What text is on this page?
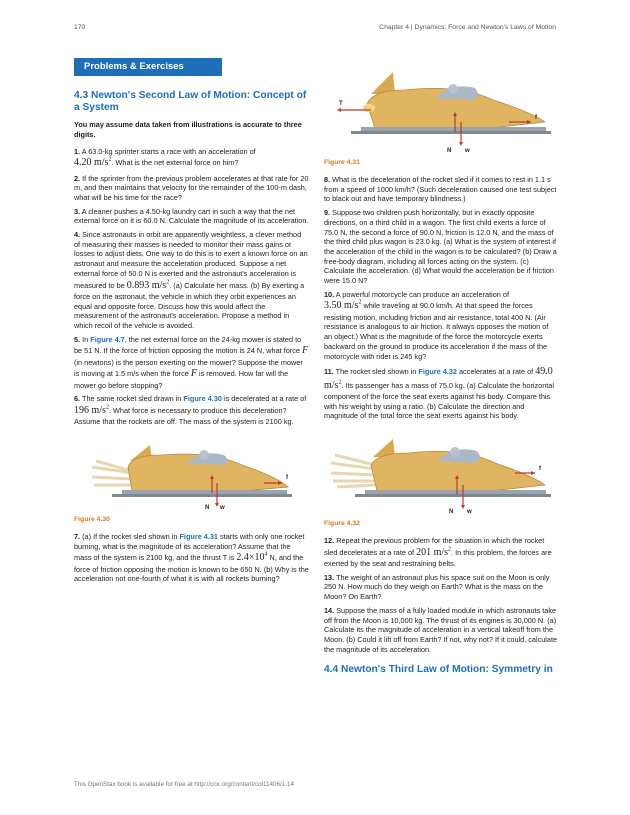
170	Chapter 4 | Dynamics: Force and Newton's Laws of Motion
Problems & Exercises
4.3 Newton's Second Law of Motion: Concept of a System

You may assume data taken from illustrations is accurate to three digits.

1. A 63.0-kg sprinter starts a race with an acceleration of
4.20 $m/s^2$. What is the net external force on him?

2. If the sprinter from the previous problem accelerates at that rate for 20 m, and then maintains that velocity for the remainder of the 100-m dash, what will be his time for the race?

3. A cleaner pushes a 4.50-kg laundry cart in such a way that the net external force on it is 60.0 N. Calculate the magnitude of its acceleration.

4. Since astronauts in orbit are apparently weightless, a clever method of measuring their masses is needed to monitor their mass gains or losses to adjust diets. One way to do this is to exert a known force on an astronaut and measure the acceleration produced. Suppose a net external force of 50.0 N is exerted and the astronaut's acceleration is measured to be 0.893 $m/s^2$. (a) Calculate her mass. (b) By exerting a force on the astronaut, the vehicle in which they orbit experiences an equal and opposite force. Discuss how this would affect the measurement of the astronaut's acceleration. Propose a method in which recoil of the vehicle is avoided.

5. In Figure 4.7, the net external force on the 24-kg mower is stated to be 51 N. If the force of friction opposing the motion is 24 N, what force F (in newtons) is the person exerting on the mower? Suppose the mower is moving at 1.5 m/s when the force F is removed. How far will the mower go before stopping?

6. The same rocket sled drawn in Figure 4.30 is decelerated at a rate of 196 $m/s^2$. What force is necessary to produce this deceleration? Assume that the rockets are off. The mass of the system is 2100 kg.

f
N w

Figure 4.30

7. (a) If the rocket sled shown in Figure 4.31 starts with only one rocket burning, what is the magnitude of its acceleration? Assume that the mass of the system is 2100 kg, and the thrust T is $2.4\times 10^4$ N, and the force of friction opposing the motion is known to be 650 N. (b) Why is the acceleration not one-fourth of what it is with all rockets burning?

T
f
N w

Figure 4.31

8. What is the deceleration of the rocket sled if it comes to rest in 1.1 s from a speed of 1000 km/h? (Such deceleration caused one test subject to black out and have temporary blindness.)

9. Suppose two children push horizontally, but in exactly opposite directions, on a third child in a wagon. The first child exerts a force of 75.0 N, the second a force of 90.0 N, friction is 12.0 N, and the mass of the third child plus wagon is 23.0 kg. (a) What is the system of interest if the acceleration of the child in the wagon is to be calculated? (b) Draw a free-body diagram, including all forces acting on the system. (c) Calculate the acceleration. (d) What would the acceleration be if friction were 15.0 N?

10. A powerful motorcycle can produce an acceleration of
3.50 $m/s^2$ while traveling at 90.0 km/h. At that speed the forces resisting motion, including friction and air resistance, total 400 N. (Air resistance is analogous to air friction. It always opposes the motion of an object.) What is the magnitude of the force the motorcycle exerts backward on the ground to produce its acceleration if the mass of the motorcycle with rider is 245 kg?

11. The rocket sled shown in Figure 4.32 accelerates at a rate of 49.0 $m/s^2$. Its passenger has a mass of 75.0 kg. (a) Calculate the horizontal component of the force the seat exerts against his body. Compare this with his weight by using a ratio. (b) Calculate the direction and magnitude of the total force the seat exerts against his body.

f
N w

Figure 4.32

12. Repeat the previous problem for the situation in which the rocket sled decelerates at a rate of 201 $m/s^2$. In this problem, the forces are exerted by the seat and restraining belts.

13. The weight of an astronaut plus his space suit on the Moon is only 250 N. How much do they weigh on Earth? What is the mass on the Moon? On Earth?

14. Suppose the mass of a fully loaded module in which astronauts take off from the Moon is 10,000 kg. The thrust of its engines is 30,000 N. (a) Calculate its the magnitude of acceleration in a vertical takeoff from the Moon. (b) Could it lift off from Earth? If not, why not? If it could, calculate the magnitude of its acceleration.

4.4 Newton's Third Law of Motion: Symmetry in
This OpenStax book is available for free at http://cnx.org/content/col11406/1.14
